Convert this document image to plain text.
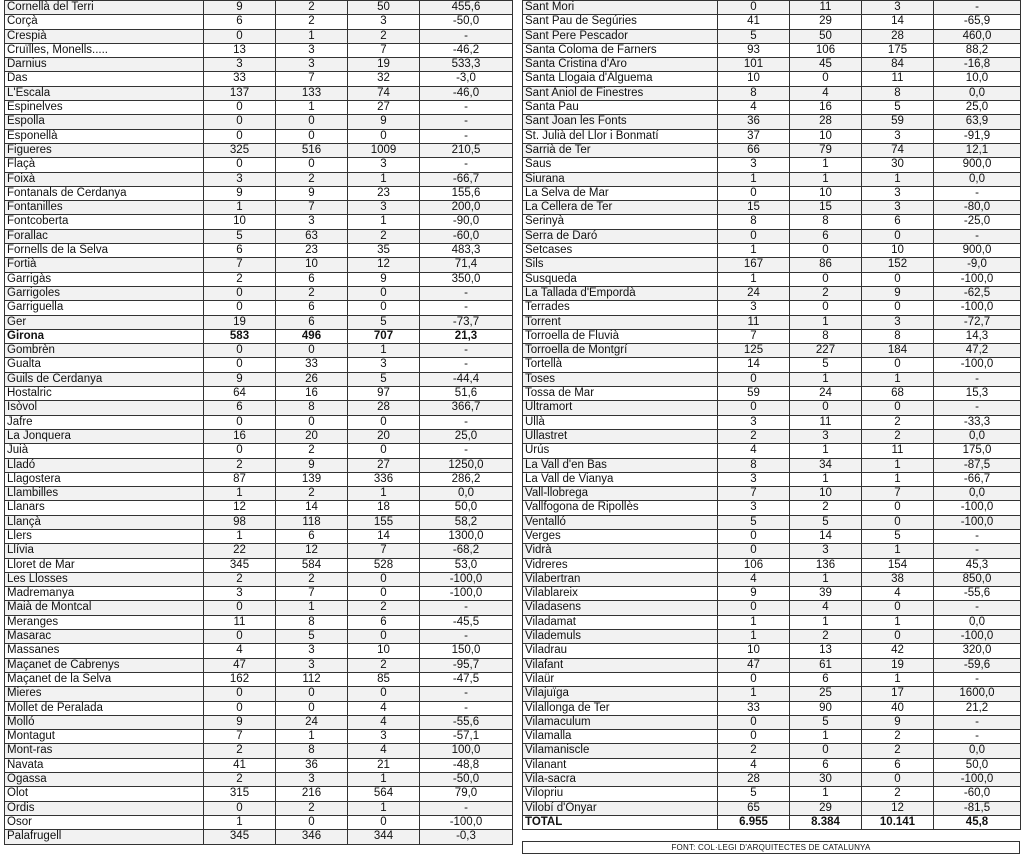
Cornellà del Terri	9	2	50	455,6
Corçà	6	2	3	-50,0
Crespià	0	1	2	-
Cruïlles, Monells.....	13	3	7	-46,2
Darnius	3	3	19	533,3
Das	33	7	32	-3,0
L'Escala	137	133	74	-46,0
Espinelves	0	1	27	-
Espolla	0	0	9	-
Esponellà	0	0	0	-
Figueres	325	516	1009	210,5
Flaçà	0	0	3	-
Foixà	3	2	1	-66,7
Fontanals de Cerdanya	9	9	23	155,6
Fontanilles	1	7	3	200,0
Fontcoberta	10	3	1	-90,0
Forallac	5	63	2	-60,0
Fornells de la Selva	6	23	35	483,3
Fortià	7	10	12	71,4
Garrigàs	2	6	9	350,0
Garrigoles	0	2	0	-
Garriguella	0	6	0	-
Ger	19	6	5	-73,7
Girona	583	496	707	21,3
Gombrèn	0	0	1	-
Gualta	0	33	3	-
Guils de Cerdanya	9	26	5	-44,4
Hostalric	64	16	97	51,6
Isòvol	6	8	28	366,7
Jafre	0	0	0	-
La Jonquera	16	20	20	25,0
Juià	0	2	0	-
Lladó	2	9	27	1250,0
Llagostera	87	139	336	286,2
Llambilles	1	2	1	0,0
Llanars	12	14	18	50,0
Llançà	98	118	155	58,2
Llers	1	6	14	1300,0
Llívia	22	12	7	-68,2
Lloret de Mar	345	584	528	53,0
Les Llosses	2	2	0	-100,0
Madremanya	3	7	0	-100,0
Maià de Montcal	0	1	2	-
Meranges	11	8	6	-45,5
Masarac	0	5	0	-
Massanes	4	3	10	150,0
Maçanet de Cabrenys	47	3	2	-95,7
Maçanet de la Selva	162	112	85	-47,5
Mieres	0	0	0	-
Mollet de Peralada	0	0	4	-
Molló	9	24	4	-55,6
Montagut	7	1	3	-57,1
Mont-ras	2	8	4	100,0
Navata	41	36	21	-48,8
Ogassa	2	3	1	-50,0
Olot	315	216	564	79,0
Ordis	0	2	1	-
Osor	1	0	0	-100,0
Palafrugell	345	346	344	-0,3
Sant Mori	0	11	3	-
Sant Pau de Segúries	41	29	14	-65,9
Sant Pere Pescador	5	50	28	460,0
Santa Coloma de Farners	93	106	175	88,2
Santa Cristina d'Aro	101	45	84	-16,8
Santa Llogaia d'Àlguema	10	0	11	10,0
Sant Aniol de Finestres	8	4	8	0,0
Santa Pau	4	16	5	25,0
Sant Joan les Fonts	36	28	59	63,9
St. Julià del Llor i Bonmatí	37	10	3	-91,9
Sarrià de Ter	66	79	74	12,1
Saus	3	1	30	900,0
Siurana	1	1	1	0,0
La Selva de Mar	0	10	3	-
La Cellera de Ter	15	15	3	-80,0
Serinyà	8	8	6	-25,0
Serra de Daró	0	6	0	-
Setcases	1	0	10	900,0
Sils	167	86	152	-9,0
Susqueda	1	0	0	-100,0
La Tallada d'Empordà	24	2	9	-62,5
Terrades	3	0	0	-100,0
Torrent	11	1	3	-72,7
Torroella de Fluvià	7	8	8	14,3
Torroella de Montgrí	125	227	184	47,2
Tortellà	14	5	0	-100,0
Toses	0	1	1	-
Tossa de Mar	59	24	68	15,3
Ultramort	0	0	0	-
Ullà	3	11	2	-33,3
Ullastret	2	3	2	0,0
Urús	4	1	11	175,0
La Vall d'en Bas	8	34	1	-87,5
La Vall de Vianya	3	1	1	-66,7
Vall-llobrega	7	10	7	0,0
Vallfogona de Ripollès	3	2	0	-100,0
Ventalló	5	5	0	-100,0
Verges	0	14	5	-
Vidrà	0	3	1	-
Vidreres	106	136	154	45,3
Vilabertran	4	1	38	850,0
Vilablareix	9	39	4	-55,6
Viladasens	0	4	0	-
Viladamat	1	1	1	0,0
Vilademuls	1	2	0	-100,0
Viladrau	10	13	42	320,0
Vilafant	47	61	19	-59,6
Vilaür	0	6	1	-
Vilajuïga	1	25	17	1600,0
Vilallonga de Ter	33	90	40	21,2
Vilamaculum	0	5	9	-
Vilamalla	0	1	2	-
Vilamaniscle	2	0	2	0,0
Vilanant	4	6	6	50,0
Vila-sacra	28	30	0	-100,0
Vilopriu	5	1	2	-60,0
Vilobí d'Onyar	65	29	12	-81,5
TOTAL	6.955	8.384	10.141	45,8
FONT: COL·LEGI D'ARQUITECTES DE CATALUNYA
